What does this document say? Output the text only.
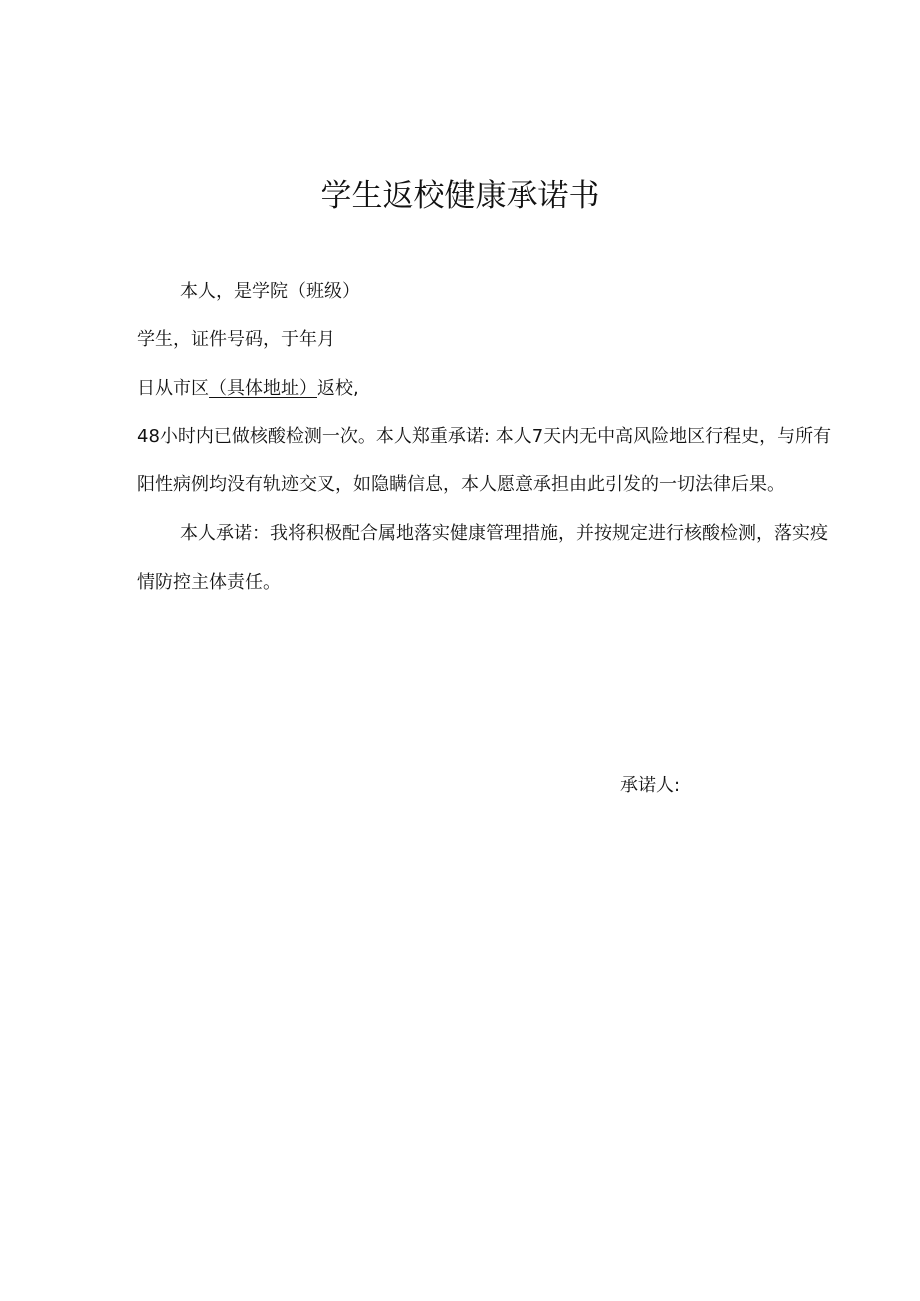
学生返校健康承诺书

本人，是学院（班级）

学生，证件号码，于年月

日从市区（具体地址）返校,

48小时内已做核酸检测一次。本人郑重承诺: 本人7天内无中高风险地区行程史，与所有

阳性病例均没有轨迹交叉，如隐瞒信息，本人愿意承担由此引发的一切法律后果。

本人承诺：我将积极配合属地落实健康管理措施，并按规定进行核酸检测，落实疫

情防控主体责任。

承诺人:
